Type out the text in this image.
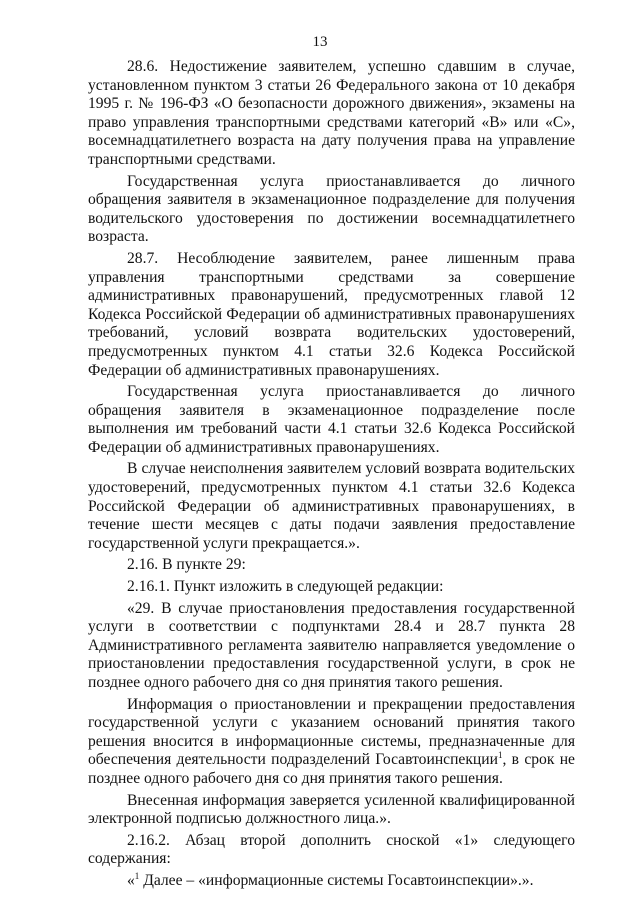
13

28.6. Недостижение заявителем, успешно сдавшим в случае, установленном пунктом 3 статьи 26 Федерального закона от 10 декабря 1995 г. № 196-ФЗ «О безопасности дорожного движения», экзамены на право управления транспортными средствами категорий «B» или «C», восемнадцатилетнего возраста на дату получения права на управление транспортными средствами.

Государственная услуга приостанавливается до личного обращения заявителя в экзаменационное подразделение для получения водительского удостоверения по достижении восемнадцатилетнего возраста.

28.7. Несоблюдение заявителем, ранее лишенным права управления транспортными средствами за совершение административных правонарушений, предусмотренных главой 12 Кодекса Российской Федерации об административных правонарушениях требований, условий возврата водительских удостоверений, предусмотренных пунктом 4.1 статьи 32.6 Кодекса Российской Федерации об административных правонарушениях.

Государственная услуга приостанавливается до личного обращения заявителя в экзаменационное подразделение после выполнения им требований части 4.1 статьи 32.6 Кодекса Российской Федерации об административных правонарушениях.

В случае неисполнения заявителем условий возврата водительских удостоверений, предусмотренных пунктом 4.1 статьи 32.6 Кодекса Российской Федерации об административных правонарушениях, в течение шести месяцев с даты подачи заявления предоставление государственной услуги прекращается.».

2.16. В пункте 29:

2.16.1. Пункт изложить в следующей редакции:

«29. В случае приостановления предоставления государственной услуги в соответствии с подпунктами 28.4 и 28.7 пункта 28 Административного регламента заявителю направляется уведомление о приостановлении предоставления государственной услуги, в срок не позднее одного рабочего дня со дня принятия такого решения.

Информация о приостановлении и прекращении предоставления государственной услуги с указанием оснований принятия такого решения вносится в информационные системы, предназначенные для обеспечения деятельности подразделений Госавтоинспекции$^1$, в срок не позднее одного рабочего дня со дня принятия такого решения.

Внесенная информация заверяется усиленной квалифицированной электронной подписью должностного лица.».

2.16.2. Абзац второй дополнить сноской «1» следующего содержания:

«$^1$ Далее – «информационные системы Госавтоинспекции».».
